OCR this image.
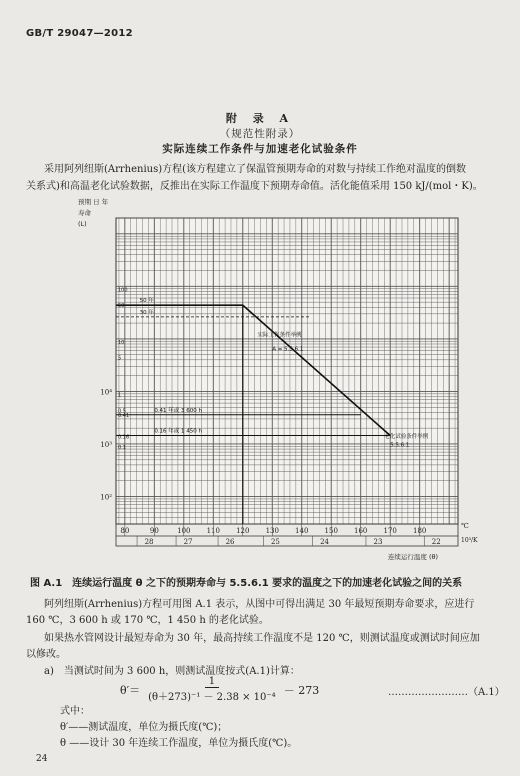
GB/T 29047—2012
附 录 A
（规范性附录）
实际连续工作条件与加速老化试验条件
采用阿列纽斯(Arrhenius)方程(该方程建立了保温管预期寿命的对数与持续工作绝对温度的倒数
关系式)和高温老化试验数据，反推出在实际工作温度下预期寿命值。活化能值采用 150 kJ/(mol・K)。
10⁴
10³
10²
100
50
10
5
1
0.5
0.41
0.16
0.1
预期 日 年
寿命
(L)
80	90	100 110 120 130 140 150 160 170 180
28	27	26	25	24	23	22
℃
10³/K
连续运行温度 (θ)
50 年
30 年
实际工作条件举例
A = 5.5.6.1
0.41 年或 3 600 h
0.16 年或 1 450 h
老化试验条件举例
5.5.6.1
图 A.1　连续运行温度 θ 之下的预期寿命与 5.5.6.1 要求的温度之下的加速老化试验之间的关系
阿列纽斯(Arrhenius)方程可用图 A.1 表示，从图中可得出满足 30 年最短预期寿命要求，应进行
160 ℃，3 600 h 或 170 ℃，1 450 h 的老化试验。
如果热水管网设计最短寿命为 30 年，最高持续工作温度不是 120 ℃，则测试温度或测试时间应加
以修改。
a)　当测试时间为 3 600 h，则测试温度按式(A.1)计算：
$\theta'= \frac{1}{\text{(θ＋273)⁻¹ － 2.38 × 10⁻⁴}} - 273$	……………………（A.1）
式中：
θ′——测试温度，单位为摄氏度(℃)；
θ ——设计 30 年连续工作温度，单位为摄氏度(℃)。
24
